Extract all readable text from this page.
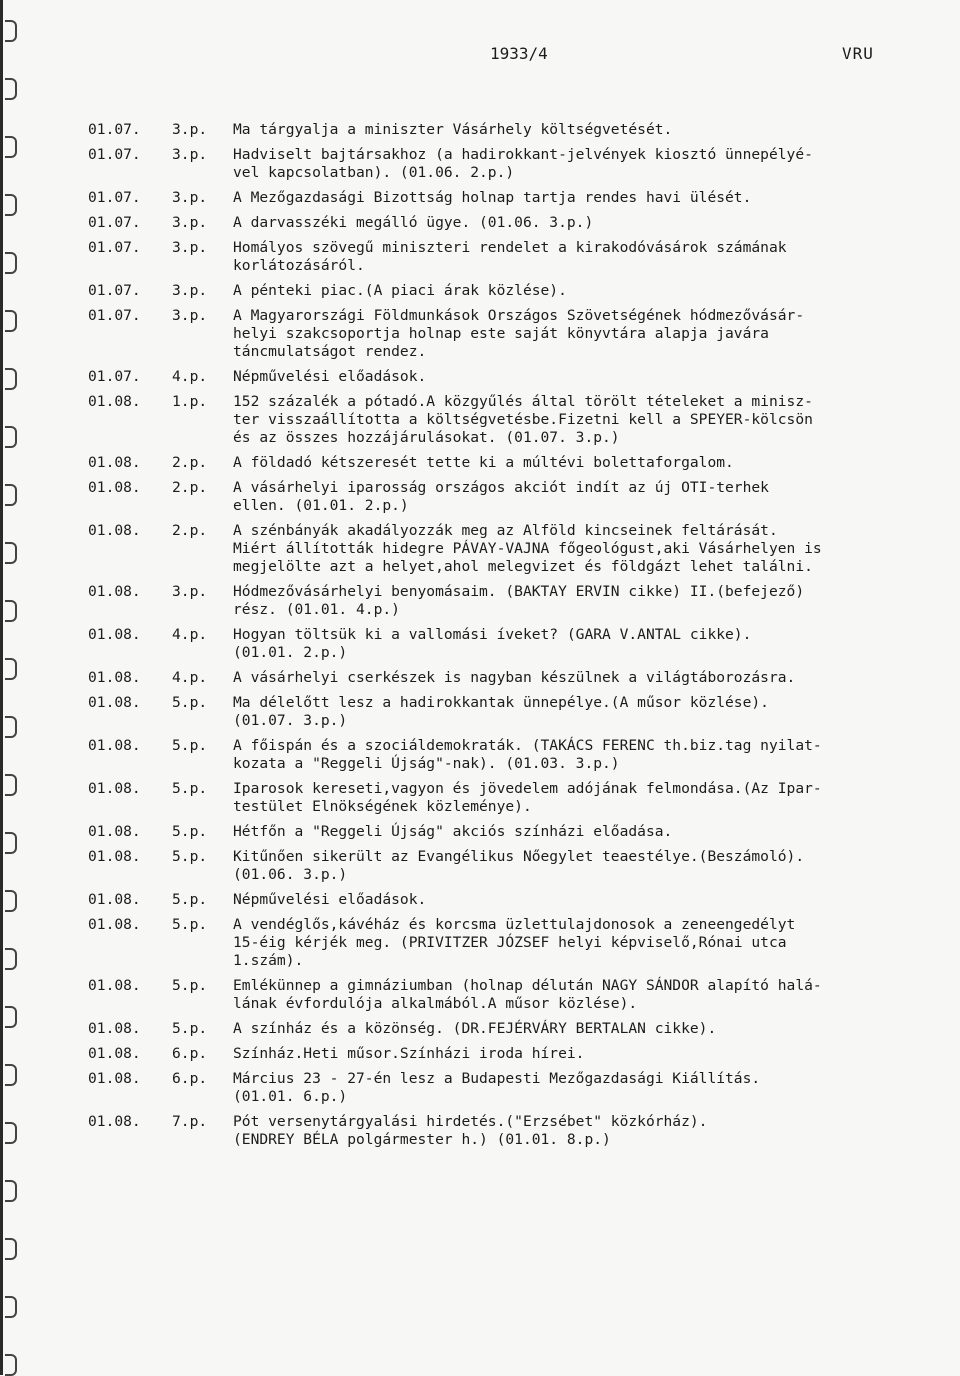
1933/4	VRU
01.07.	3.p.	Ma tárgyalja a miniszter Vásárhely költségvetését.
01.07.	3.p.	Hadviselt bajtársakhoz (a hadirokkant-jelvények kiosztó ünnepélyé-
vel kapcsolatban). (01.06. 2.p.)
01.07.	3.p.	A Mezőgazdasági Bizottság holnap tartja rendes havi ülését.
01.07.	3.p.	A darvasszéki megálló ügye. (01.06. 3.p.)
01.07.	3.p.	Homályos szövegű miniszteri rendelet a kirakodóvásárok számának
korlátozásáról.
01.07.	3.p.	A pénteki piac.(A piaci árak közlése).
01.07.	3.p.	A Magyarországi Földmunkások Országos Szövetségének hódmezővásár-
helyi szakcsoportja holnap este saját könyvtára alapja javára
táncmulatságot rendez.
01.07.	4.p.	Népművelési előadások.
01.08.	1.p.	152 százalék a pótadó.A közgyűlés által törölt tételeket a minisz-
ter visszaállította a költségvetésbe.Fizetni kell a SPEYER-kölcsön
és az összes hozzájárulásokat. (01.07. 3.p.)
01.08.	2.p.	A földadó kétszeresét tette ki a múltévi bolettaforgalom.
01.08.	2.p.	A vásárhelyi iparosság országos akciót indít az új OTI-terhek
ellen. (01.01. 2.p.)
01.08.	2.p.	A szénbányák akadályozzák meg az Alföld kincseinek feltárását.
Miért állították hidegre PÁVAY-VAJNA főgeológust,aki Vásárhelyen is
megjelölte azt a helyet,ahol melegvizet és földgázt lehet találni.
01.08.	3.p.	Hódmezővásárhelyi benyomásaim. (BAKTAY ERVIN cikke) II.(befejező)
rész. (01.01. 4.p.)
01.08.	4.p.	Hogyan töltsük ki a vallomási íveket? (GARA V.ANTAL cikke).
(01.01. 2.p.)
01.08.	4.p.	A vásárhelyi cserkészek is nagyban készülnek a világtáborozásra.
01.08.	5.p.	Ma délelőtt lesz a hadirokkantak ünnepélye.(A műsor közlése).
(01.07. 3.p.)
01.08.	5.p.	A főispán és a szociáldemokraták. (TAKÁCS FERENC th.biz.tag nyilat-
kozata a "Reggeli Újság"-nak). (01.03. 3.p.)
01.08.	5.p.	Iparosok kereseti,vagyon és jövedelem adójának felmondása.(Az Ipar-
testület Elnökségének közleménye).
01.08.	5.p.	Hétfőn a "Reggeli Újság" akciós színházi előadása.
01.08.	5.p.	Kitűnően sikerült az Evangélikus Nőegylet teaestélye.(Beszámoló).
(01.06. 3.p.)
01.08.	5.p.	Népművelési előadások.
01.08.	5.p.	A vendéglős,kávéház és korcsma üzlettulajdonosok a zeneengedélyt
15-éig kérjék meg. (PRIVITZER JÓZSEF helyi képviselő,Rónai utca
1.szám).
01.08.	5.p.	Emlékünnep a gimnáziumban (holnap délután NAGY SÁNDOR alapító halá-
lának évfordulója alkalmából.A műsor közlése).
01.08.	5.p.	A színház és a közönség. (DR.FEJÉRVÁRY BERTALAN cikke).
01.08.	6.p.	Színház.Heti műsor.Színházi iroda hírei.
01.08.	6.p.	Március 23 - 27-én lesz a Budapesti Mezőgazdasági Kiállítás.
(01.01. 6.p.)
01.08.	7.p.	Pót versenytárgyalási hirdetés.("Erzsébet" közkórház).
(ENDREY BÉLA polgármester h.) (01.01. 8.p.)
